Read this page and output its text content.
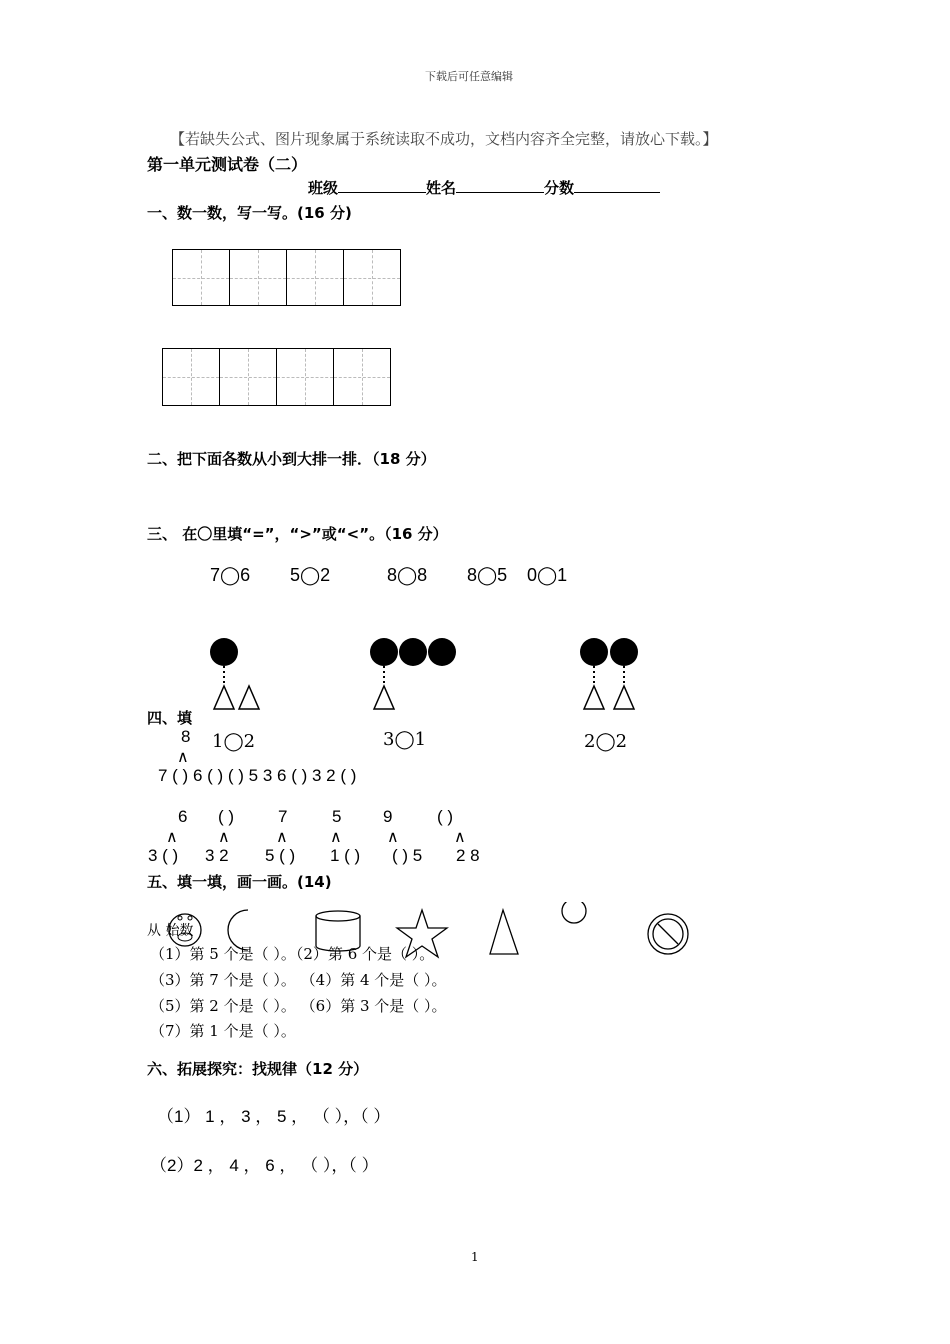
下载后可任意编辑
【若缺失公式、图片现象属于系统读取不成功，文档内容齐全完整，请放心下载。】
第一单元测试卷（二）
班级	姓名	分数
一、数一数，写一写。(16 分)
二、把下面各数从小到大排一排．（18 分）
三、 在〇里填“=”，“>”或“<”。（16 分）
7◯6 5◯2	8◯8 8◯5 0◯1
四、填
1◯2	3◯1	2◯2
8
∧
7 ( ) 6 ( ) ( ) 5 3 6 ( ) 3 2 ( )
6 ( )	7	5 9	( )
∧	∧	∧	∧	∧	∧
3 ( ) 3 2 5 ( ) 1 ( ) ( ) 5 2 8
五、填一填，画一画。(14)
从 始数
（1）第 5 个是（ ）。（2）第 6 个是（ ）。
（3）第 7 个是（ ）。 （4）第 4 个是（ ）。
（5）第 2 个是（ ）。 （6）第 3 个是（ ）。
（7）第 1 个是（ ）。
六、拓展探究：找规律（12 分）
（1） 1 ， 3 ， 5 ， （ ），（ ）
（2）2 ， 4 ， 6 ， （ ），（ ）
1
